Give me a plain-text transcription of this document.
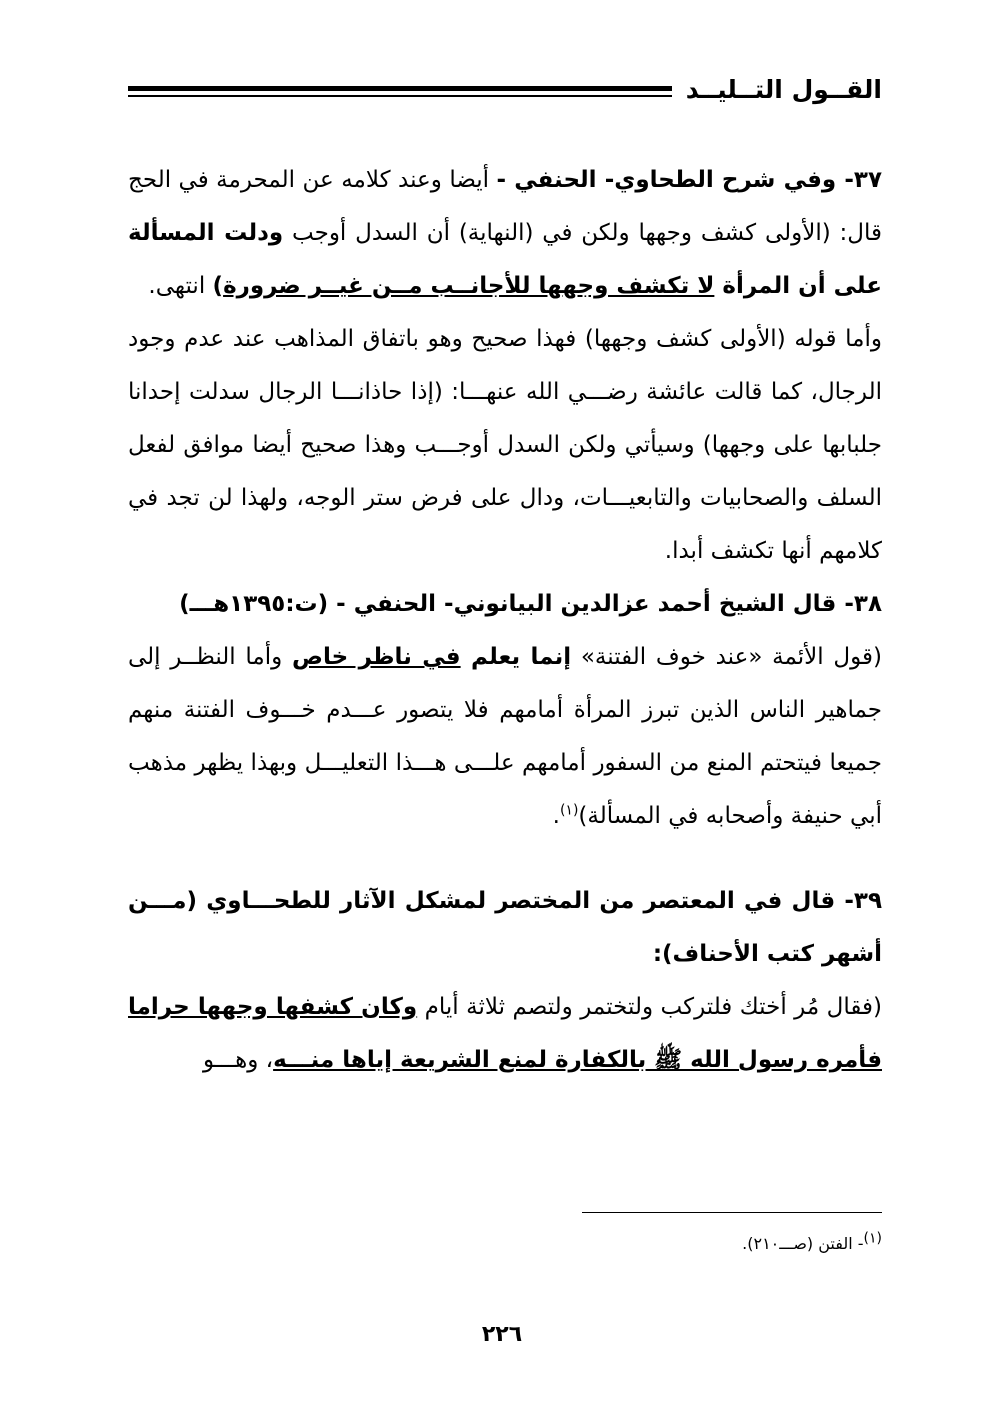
القــول التــليــد

٣٧- وفي شرح الطحاوي- الحنفي - أيضا وعند كلامه عن المحرمة في الحج قال: (الأولى كشف وجهها ولكن في (النهاية) أن السدل أوجب ودلت المسألة على أن المرأة لا تكشف وجهها للأجانــب مــن غيــر ضرورة) انتهى.

وأما قوله (الأولى كشف وجهها) فهذا صحيح وهو باتفاق المذاهب عند عدم وجود الرجال، كما قالت عائشة رضـــي الله عنهـــا: (إذا حاذانـــا الرجال سدلت إحدانا جلبابها على وجهها) وسيأتي ولكن السدل أوجـــب وهذا صحيح أيضا موافق لفعل السلف والصحابيات والتابعيـــات، ودال على فرض ستر الوجه، ولهذا لن تجد في كلامهم أنها تكشف أبدا.

٣٨- قال الشيخ أحمد عزالدين البيانوني- الحنفي - (ت:١٣٩٥هـــ)
(قول الأئمة «عند خوف الفتنة» إنما يعلم في ناظر خاص وأما النظــر إلى جماهير الناس الذين تبرز المرأة أمامهم فلا يتصور عـــدم خـــوف الفتنة منهم جميعا فيتحتم المنع من السفور أمامهم علـــى هـــذا التعليـــل وبهذا يظهر مذهب أبي حنيفة وأصحابه في المسألة)$^{(١)}$.

٣٩- قال في المعتصر من المختصر لمشكل الآثار للطحـــاوي (مـــن أشهر كتب الأحناف):
(فقال مُر أختك فلتركب ولتختمر ولتصم ثلاثة أيام وكان كشفها وجهها حراما فأمره رسول الله ﷺ بالكفارة لمنع الشريعة إياها منـــه، وهـــو

$^{(١)}$- الفتن (صـــ٢١٠).
٢٢٦
